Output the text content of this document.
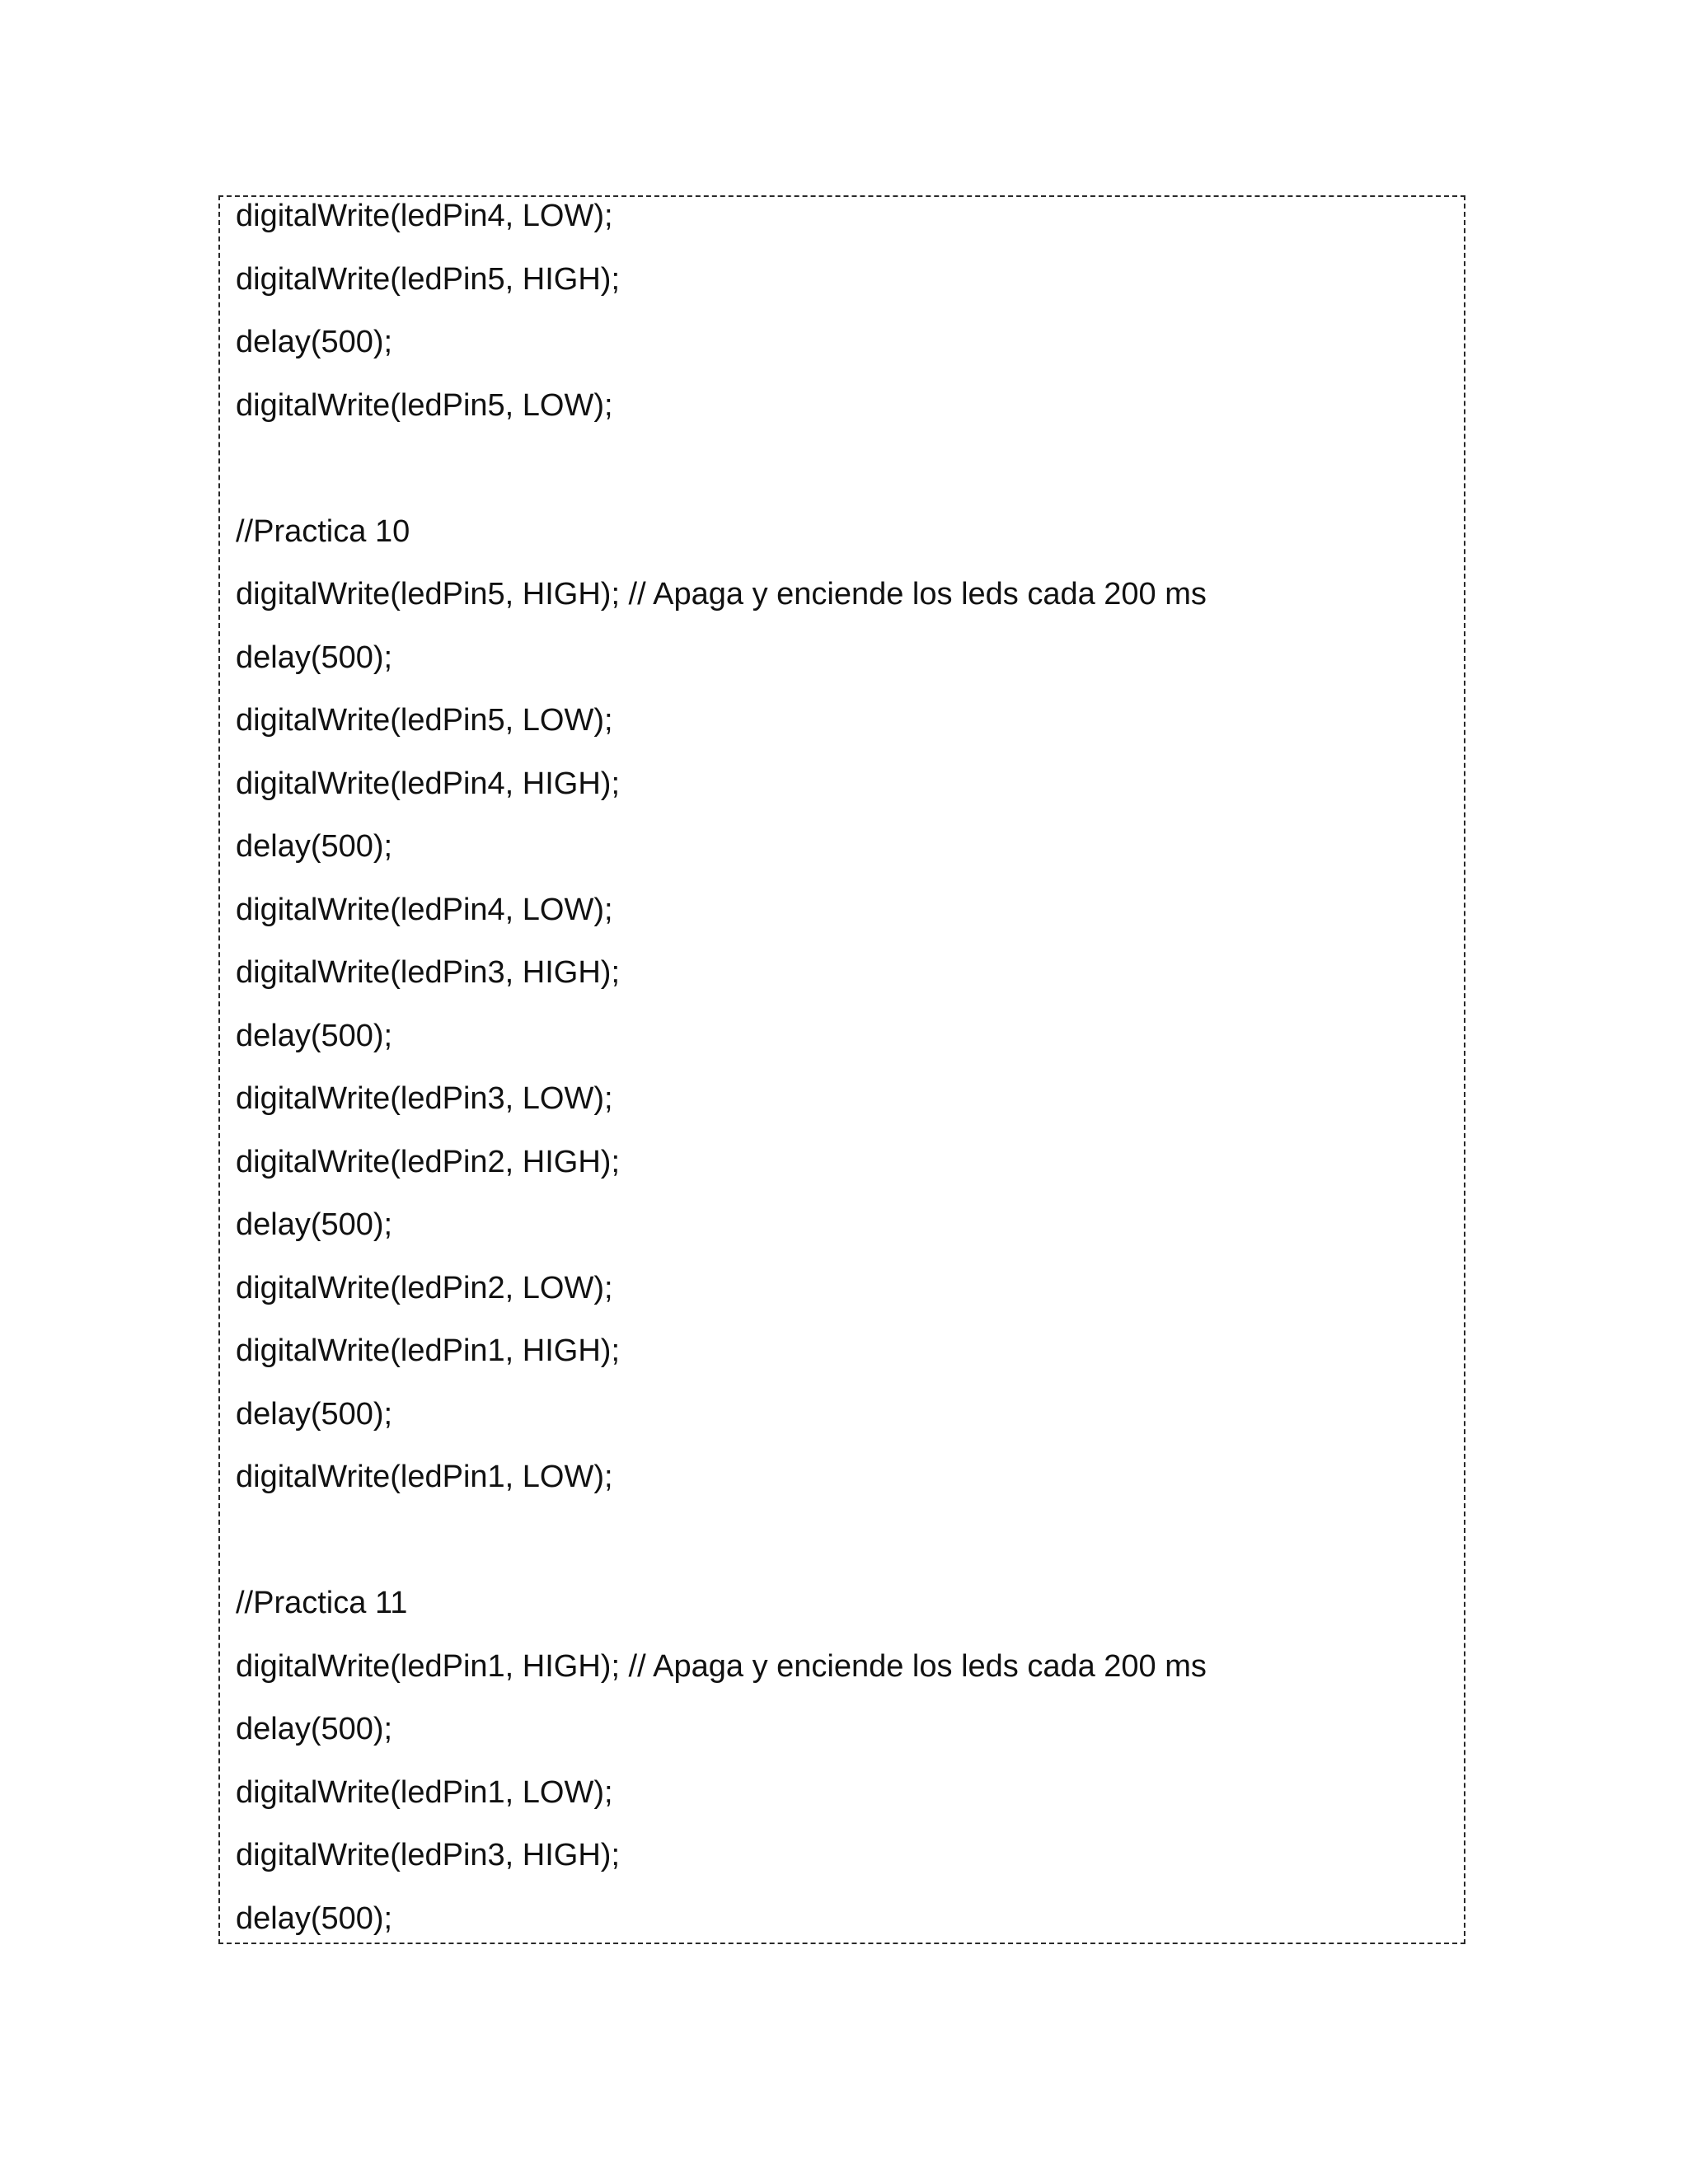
digitalWrite(ledPin4, LOW);
digitalWrite(ledPin5, HIGH);
delay(500);
digitalWrite(ledPin5, LOW);
//Practica 10
digitalWrite(ledPin5, HIGH); // Apaga y enciende los leds cada 200 ms
delay(500);
digitalWrite(ledPin5, LOW);
digitalWrite(ledPin4, HIGH);
delay(500);
digitalWrite(ledPin4, LOW);
digitalWrite(ledPin3, HIGH);
delay(500);
digitalWrite(ledPin3, LOW);
digitalWrite(ledPin2, HIGH);
delay(500);
digitalWrite(ledPin2, LOW);
digitalWrite(ledPin1, HIGH);
delay(500);
digitalWrite(ledPin1, LOW);
//Practica 11
digitalWrite(ledPin1, HIGH); // Apaga y enciende los leds cada 200 ms
delay(500);
digitalWrite(ledPin1, LOW);
digitalWrite(ledPin3, HIGH);
delay(500);
